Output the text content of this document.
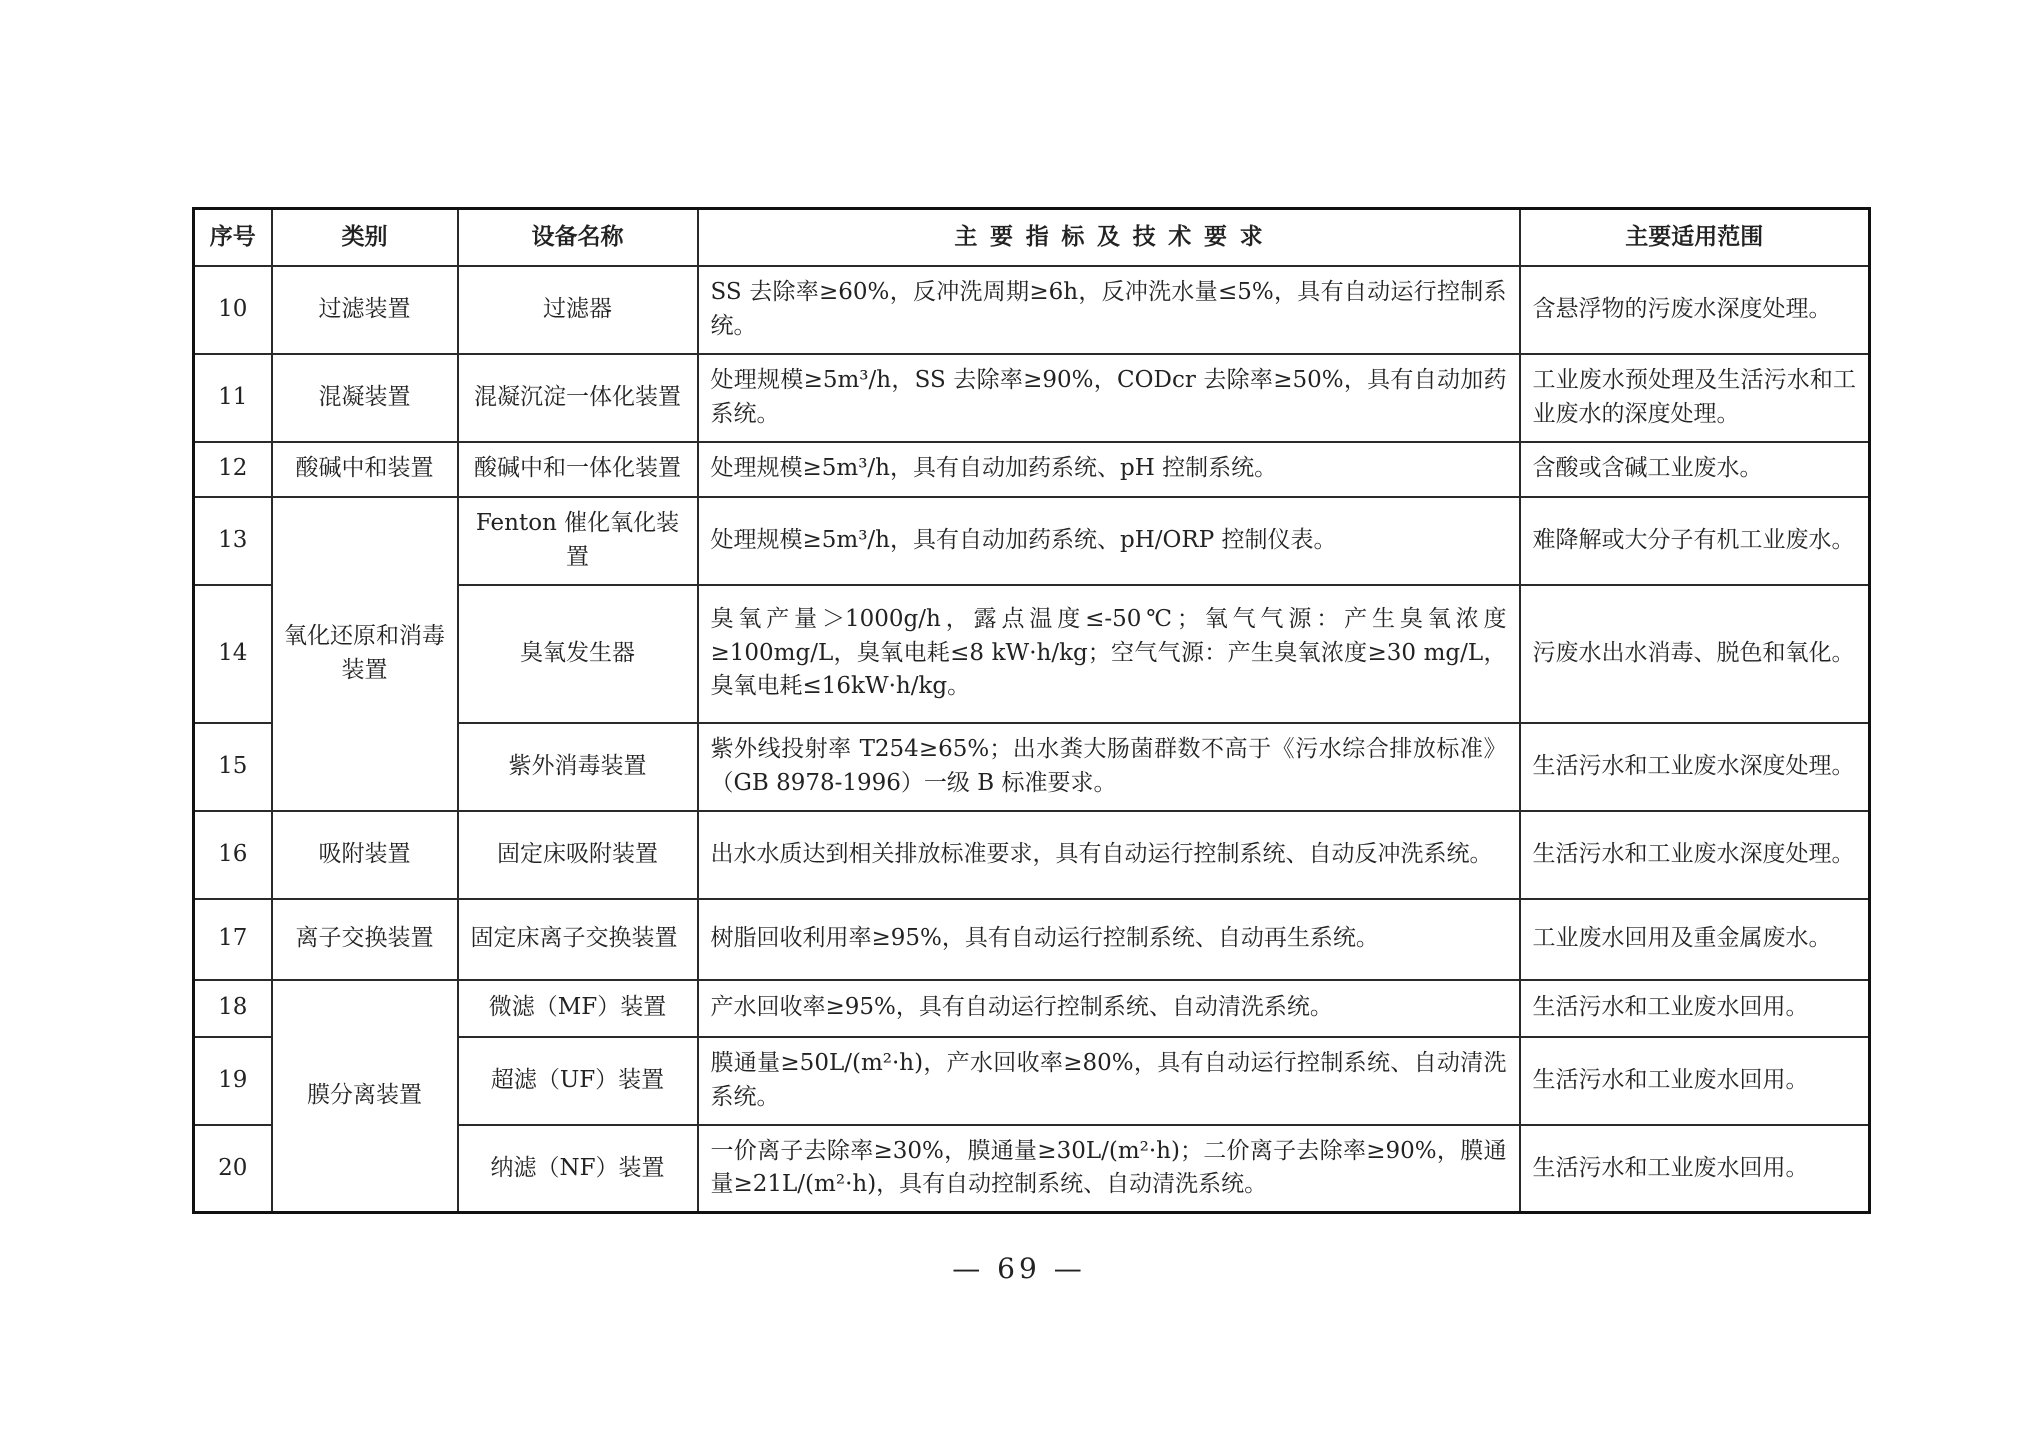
序号	类别	设备名称	主要指标及技术要求	主要适用范围
10	过滤装置	过滤器	SS 去除率≥60%，反冲洗周期≥6h，反冲洗水量≤5%，具有自动运行控制系统。	含悬浮物的污废水深度处理。
11	混凝装置	混凝沉淀一体化装置	处理规模≥5m³/h，SS 去除率≥90%，CODcr 去除率≥50%，具有自动加药系统。	工业废水预处理及生活污水和工业废水的深度处理。
12	酸碱中和装置	酸碱中和一体化装置	处理规模≥5m³/h，具有自动加药系统、pH 控制系统。	含酸或含碱工业废水。
13	氧化还原和消毒装置	Fenton 催化氧化装置	处理规模≥5m³/h，具有自动加药系统、pH/ORP 控制仪表。	难降解或大分子有机工业废水。
14		臭氧发生器	臭氧产量＞1000g/h，露点温度≤-50℃；氧气气源：产生臭氧浓度≥100mg/L，臭氧电耗≤8 kW·h/kg；空气气源：产生臭氧浓度≥30 mg/L，臭氧电耗≤16kW·h/kg。	污废水出水消毒、脱色和氧化。
15		紫外消毒装置	紫外线投射率 T254≥65%；出水粪大肠菌群数不高于《污水综合排放标准》（GB 8978-1996）一级 B 标准要求。	生活污水和工业废水深度处理。
16	吸附装置	固定床吸附装置	出水水质达到相关排放标准要求，具有自动运行控制系统、自动反冲洗系统。	生活污水和工业废水深度处理。
17	离子交换装置	固定床离子交换装置	树脂回收利用率≥95%，具有自动运行控制系统、自动再生系统。	工业废水回用及重金属废水。
18	膜分离装置	微滤（MF）装置	产水回收率≥95%，具有自动运行控制系统、自动清洗系统。	生活污水和工业废水回用。
19		超滤（UF）装置	膜通量≥50L/(m²·h)，产水回收率≥80%，具有自动运行控制系统、自动清洗系统。	生活污水和工业废水回用。
20		纳滤（NF）装置	一价离子去除率≥30%，膜通量≥30L/(m²·h)；二价离子去除率≥90%，膜通量≥21L/(m²·h)，具有自动控制系统、自动清洗系统。	生活污水和工业废水回用。
— 69 —
